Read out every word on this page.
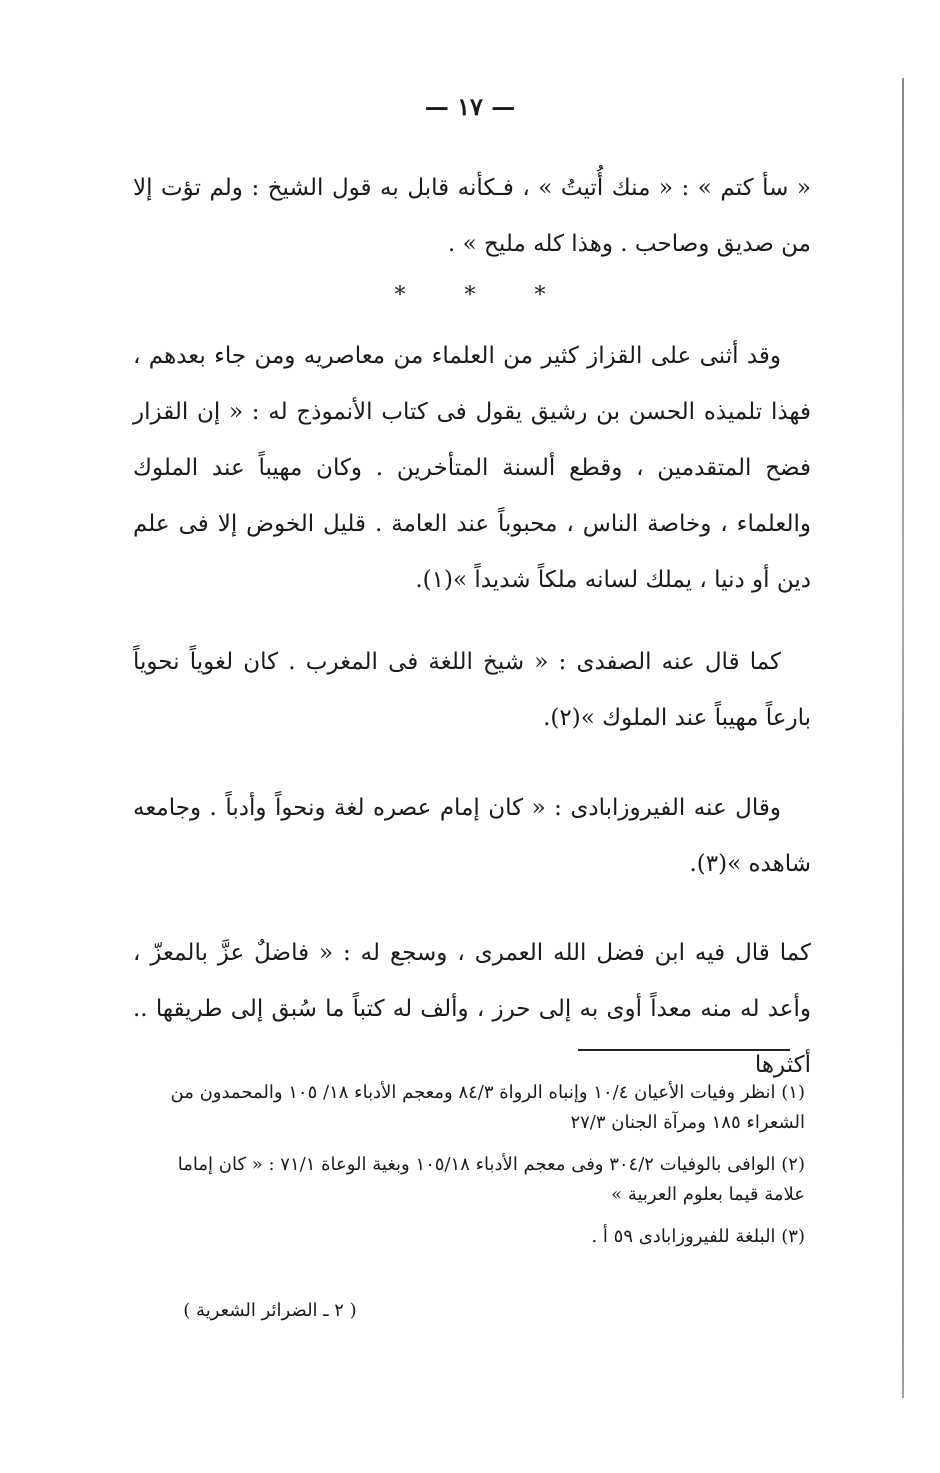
— ١٧ —
« سأ كتم » : « منك أُتيتُ » ، فـكأنه قابل به قول الشيخ : ولم تؤت إلا من صديق وصاحب . وهذا كله مليح » .
* * *
وقد أثنى على القزاز كثير من العلماء من معاصريه ومن جاء بعدهم ، فهذا تلميذه الحسن بن رشيق يقول فى كتاب الأنموذج له : « إن القزار فضح المتقدمين ، وقطع ألسنة المتأخرين . وكان مهيباً عند الملوك والعلماء ، وخاصة الناس ، محبوباً عند العامة . قليل الخوض إلا فى علم دين أو دنيا ، يملك لسانه ملكاً شديداً »(١).
كما قال عنه الصفدى : « شيخ اللغة فى المغرب . كان لغوياً نحوياً بارعاً مهيباً عند الملوك »(٢).
وقال عنه الفيروزابادى : « كان إمام عصره لغة ونحواً وأدباً . وجامعه شاهده »(٣).
كما قال فيه ابن فضل الله العمرى ، وسجع له : « فاضلٌ عزَّ بالمعزّ ، وأعد له منه معداً أوى به إلى حرز ، وألف له كتباً ما سُبق إلى طريقها .. أكثرها
(١) انظر وفيات الأعيان ١٠/٤ وإنباه الرواة ٨٤/٣ ومعجم الأدباء ١٨/ ١٠٥ والمحمدون من الشعراء ١٨٥ ومرآة الجنان ٢٧/٣
(٢) الوافى بالوفيات ٣٠٤/٢ وفى معجم الأدباء ١٠٥/١٨ وبغية الوعاة ٧١/١ : « كان إماما علامة قيما بعلوم العربية »
(٣) البلغة للفيروزابادى ٥٩ أ .
( ٢ ـ الضرائر الشعرية )
